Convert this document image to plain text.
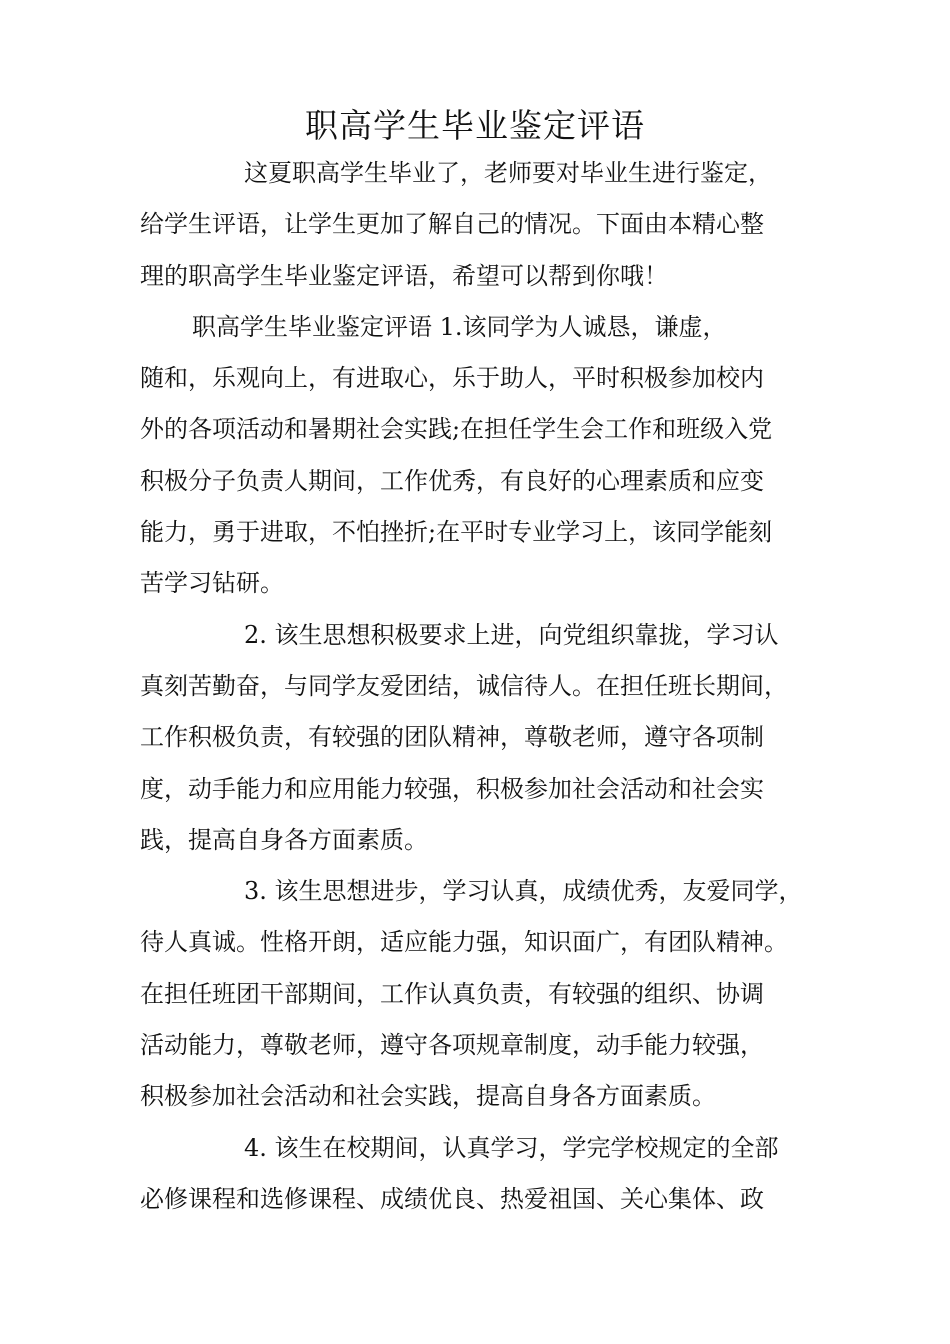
职高学生毕业鉴定评语
这夏职高学生毕业了，老师要对毕业生进行鉴定，
给学生评语，让学生更加了解自己的情况。下面由本精心整
理的职高学生毕业鉴定评语，希望可以帮到你哦！
职高学生毕业鉴定评语 1.该同学为人诚恳，谦虚，
随和，乐观向上，有进取心，乐于助人，平时积极参加校内
外的各项活动和暑期社会实践;在担任学生会工作和班级入党
积极分子负责人期间，工作优秀，有良好的心理素质和应变
能力，勇于进取，不怕挫折;在平时专业学习上，该同学能刻
苦学习钻研。
2. 该生思想积极要求上进，向党组织靠拢，学习认
真刻苦勤奋，与同学友爱团结，诚信待人。在担任班长期间，
工作积极负责，有较强的团队精神，尊敬老师，遵守各项制
度，动手能力和应用能力较强，积极参加社会活动和社会实
践，提高自身各方面素质。
3. 该生思想进步，学习认真，成绩优秀，友爱同学，
待人真诚。性格开朗，适应能力强，知识面广，有团队精神。
在担任班团干部期间，工作认真负责，有较强的组织、协调
活动能力，尊敬老师，遵守各项规章制度，动手能力较强，
积极参加社会活动和社会实践，提高自身各方面素质。
4. 该生在校期间，认真学习，学完学校规定的全部
必修课程和选修课程、成绩优良、热爱祖国、关心集体、政
